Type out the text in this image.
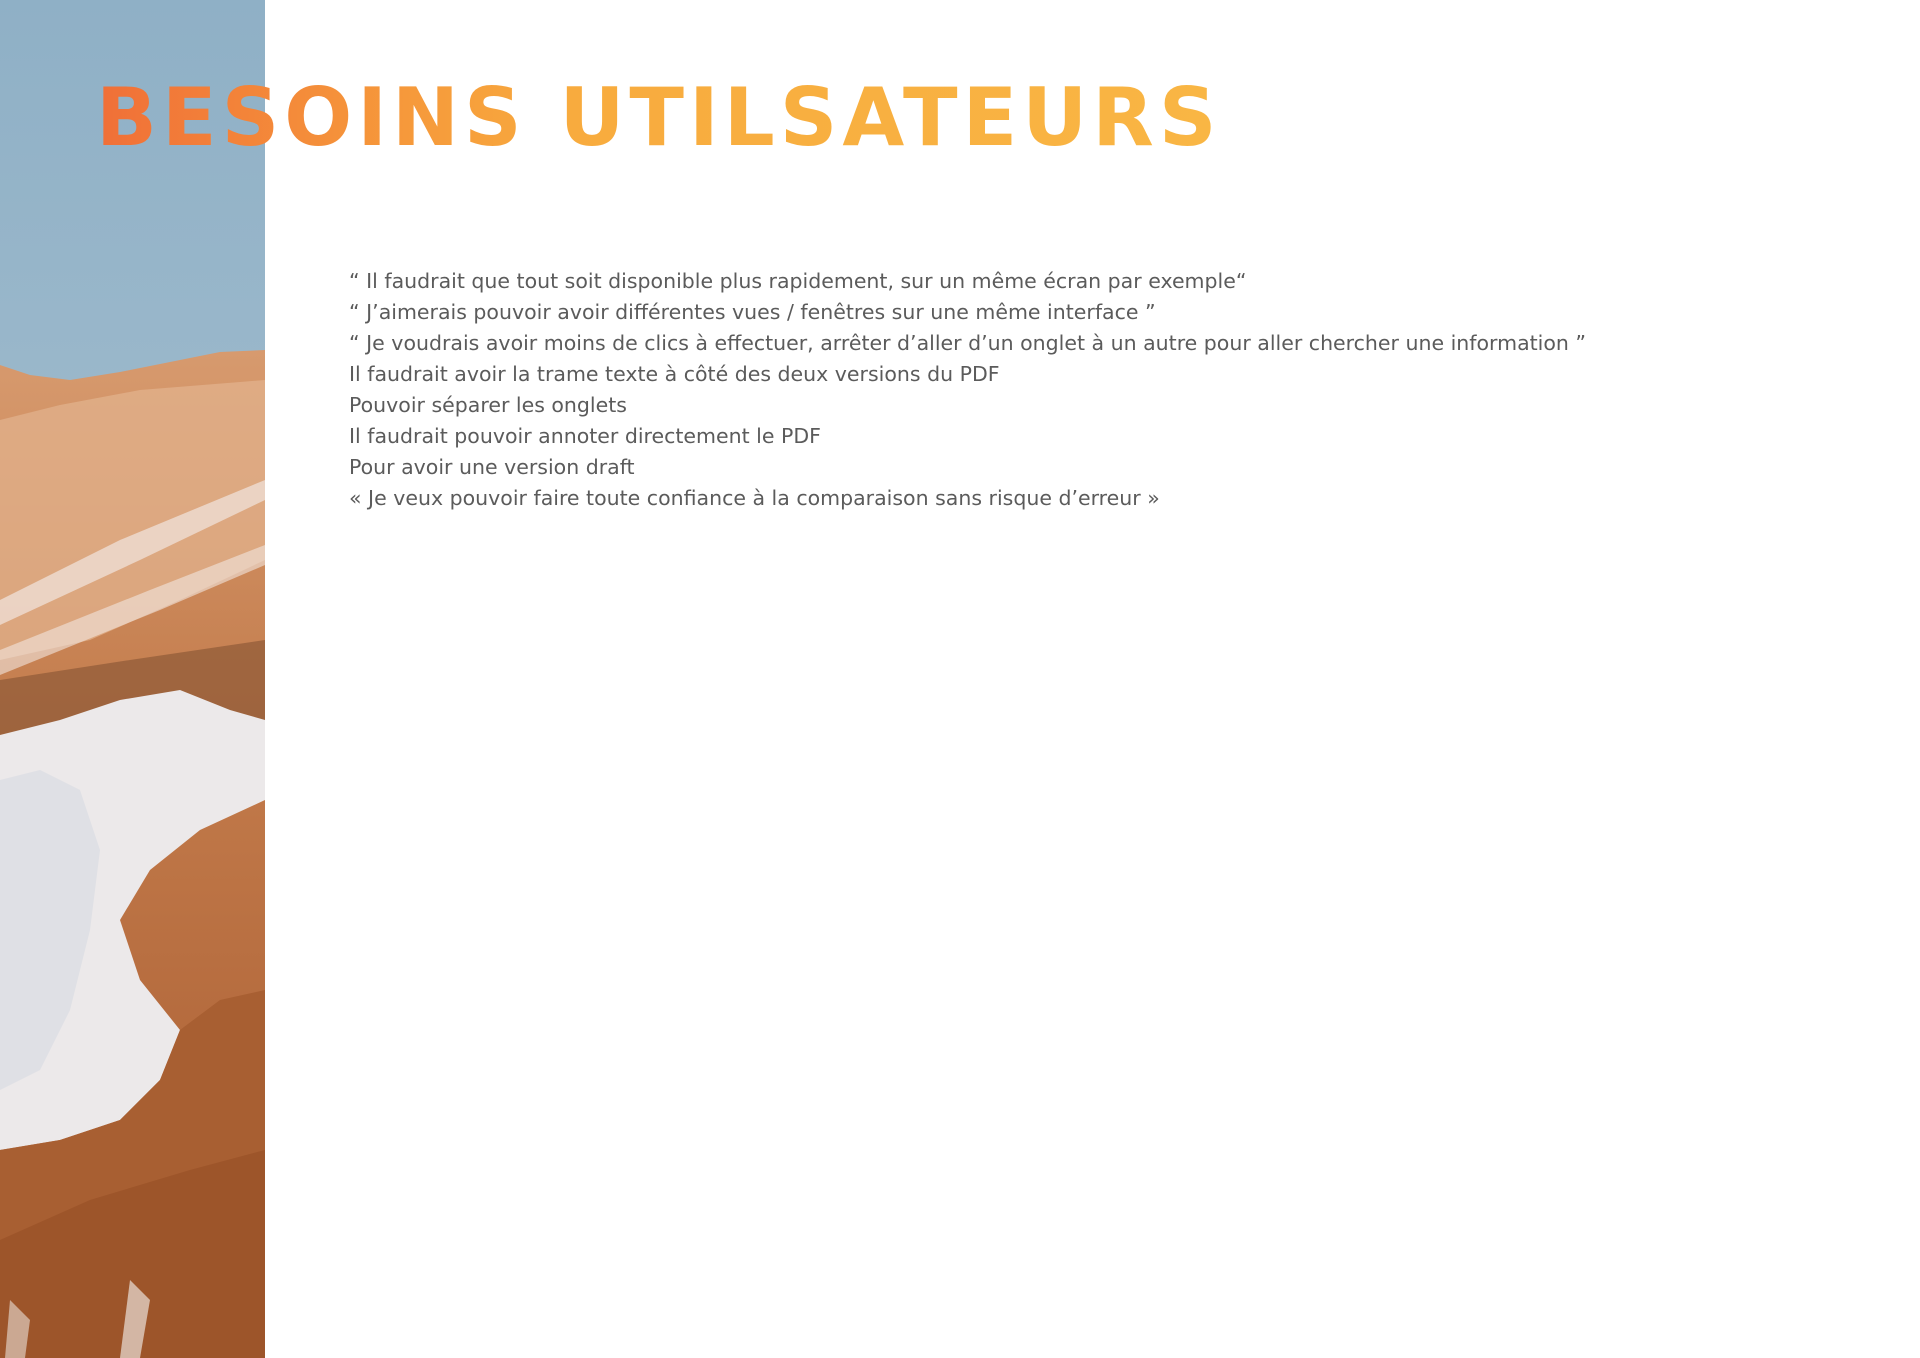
BESOINS UTILSATEURS
“ Il faudrait que tout soit disponible plus rapidement, sur un même écran par exemple“
“ J’aimerais pouvoir avoir différentes vues / fenêtres sur une même interface ”
“ Je voudrais avoir moins de clics à effectuer, arrêter d’aller d’un onglet à un autre pour aller chercher une information ”
Il faudrait avoir la trame texte à côté des deux versions du PDF
Pouvoir séparer les onglets
Il faudrait pouvoir annoter directement le PDF
Pour avoir une version draft
« Je veux pouvoir faire toute confiance à la comparaison sans risque d’erreur »
